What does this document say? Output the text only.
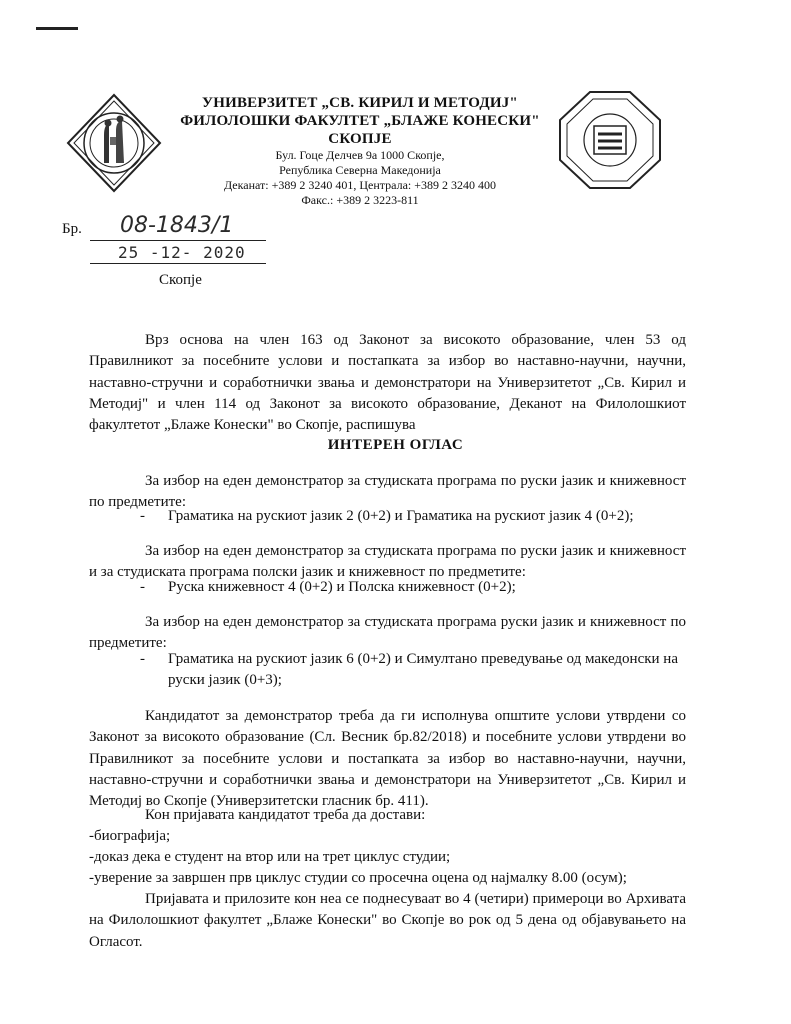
УНИВЕРЗИТЕТ „СВ. КИРИЛ И МЕТОДИЈ"
ФИЛОЛОШКИ ФАКУЛТЕТ „БЛАЖЕ КОНЕСКИ"
СКОПЈЕ
Бул. Гоце Делчев 9а 1000 Скопје,
Република Северна Македонија
Деканат: +389 2 3240 401, Централа: +389 2 3240 400
Факс.: +389 2 3223-811
Бр. 08-1843/1
25 -12- 2020
Скопје
Врз основа на член 163 од Законот за високото образование, член 53 од Правилникот за посебните услови и постапката за избор во наставно-научни, научни, наставно-стручни и соработнички звања и демонстратори на Универзитетот „Св. Кирил и Методиј" и член 114 од Законот за високото образование, Деканот на Филолошкиот факултетот „Блаже Конески" во Скопје, распишува
ИНТЕРЕН ОГЛАС
За избор на еден демонстратор за студиската програма по руски јазик и книжевност по предметите:
-	Граматика на рускиот јазик 2 (0+2) и Граматика на рускиот јазик 4 (0+2);
За избор на еден демонстратор за студиската програма по руски јазик и книжевност и за студиската програма полски јазик и книжевност по предметите:
-	Руска книжевност 4 (0+2) и Полска книжевност (0+2);
За избор на еден демонстратор за студиската програма руски јазик и книжевност по предметите:
-	Граматика на рускиот јазик 6 (0+2) и Симултано преведување од македонски на руски јазик (0+3);
Кандидатот за демонстратор треба да ги исполнува општите услови утврдени со Законот за високото образование (Сл. Весник бр.82/2018) и посебните услови утврдени во Правилникот за посебните услови и постапката за избор во наставно-научни, научни, наставно-стручни и соработнички звања и демонстратори на Универзитетот „Св. Кирил и Методиј во Скопје (Универзитетски гласник бр. 411).
Кон пријавата кандидатот треба да достави:
-биографија;
-доказ дека е студент на втор или на трет циклус студии;
-уверение за завршен прв циклус студии со просечна оцена од најмалку 8.00 (осум);
Пријавата и прилозите кон неа се поднесуваат во 4 (четири) примероци во Архивата на Филолошкиот факултет „Блаже Конески" во Скопје во рок од 5 дена од објавувањето на Огласот.
